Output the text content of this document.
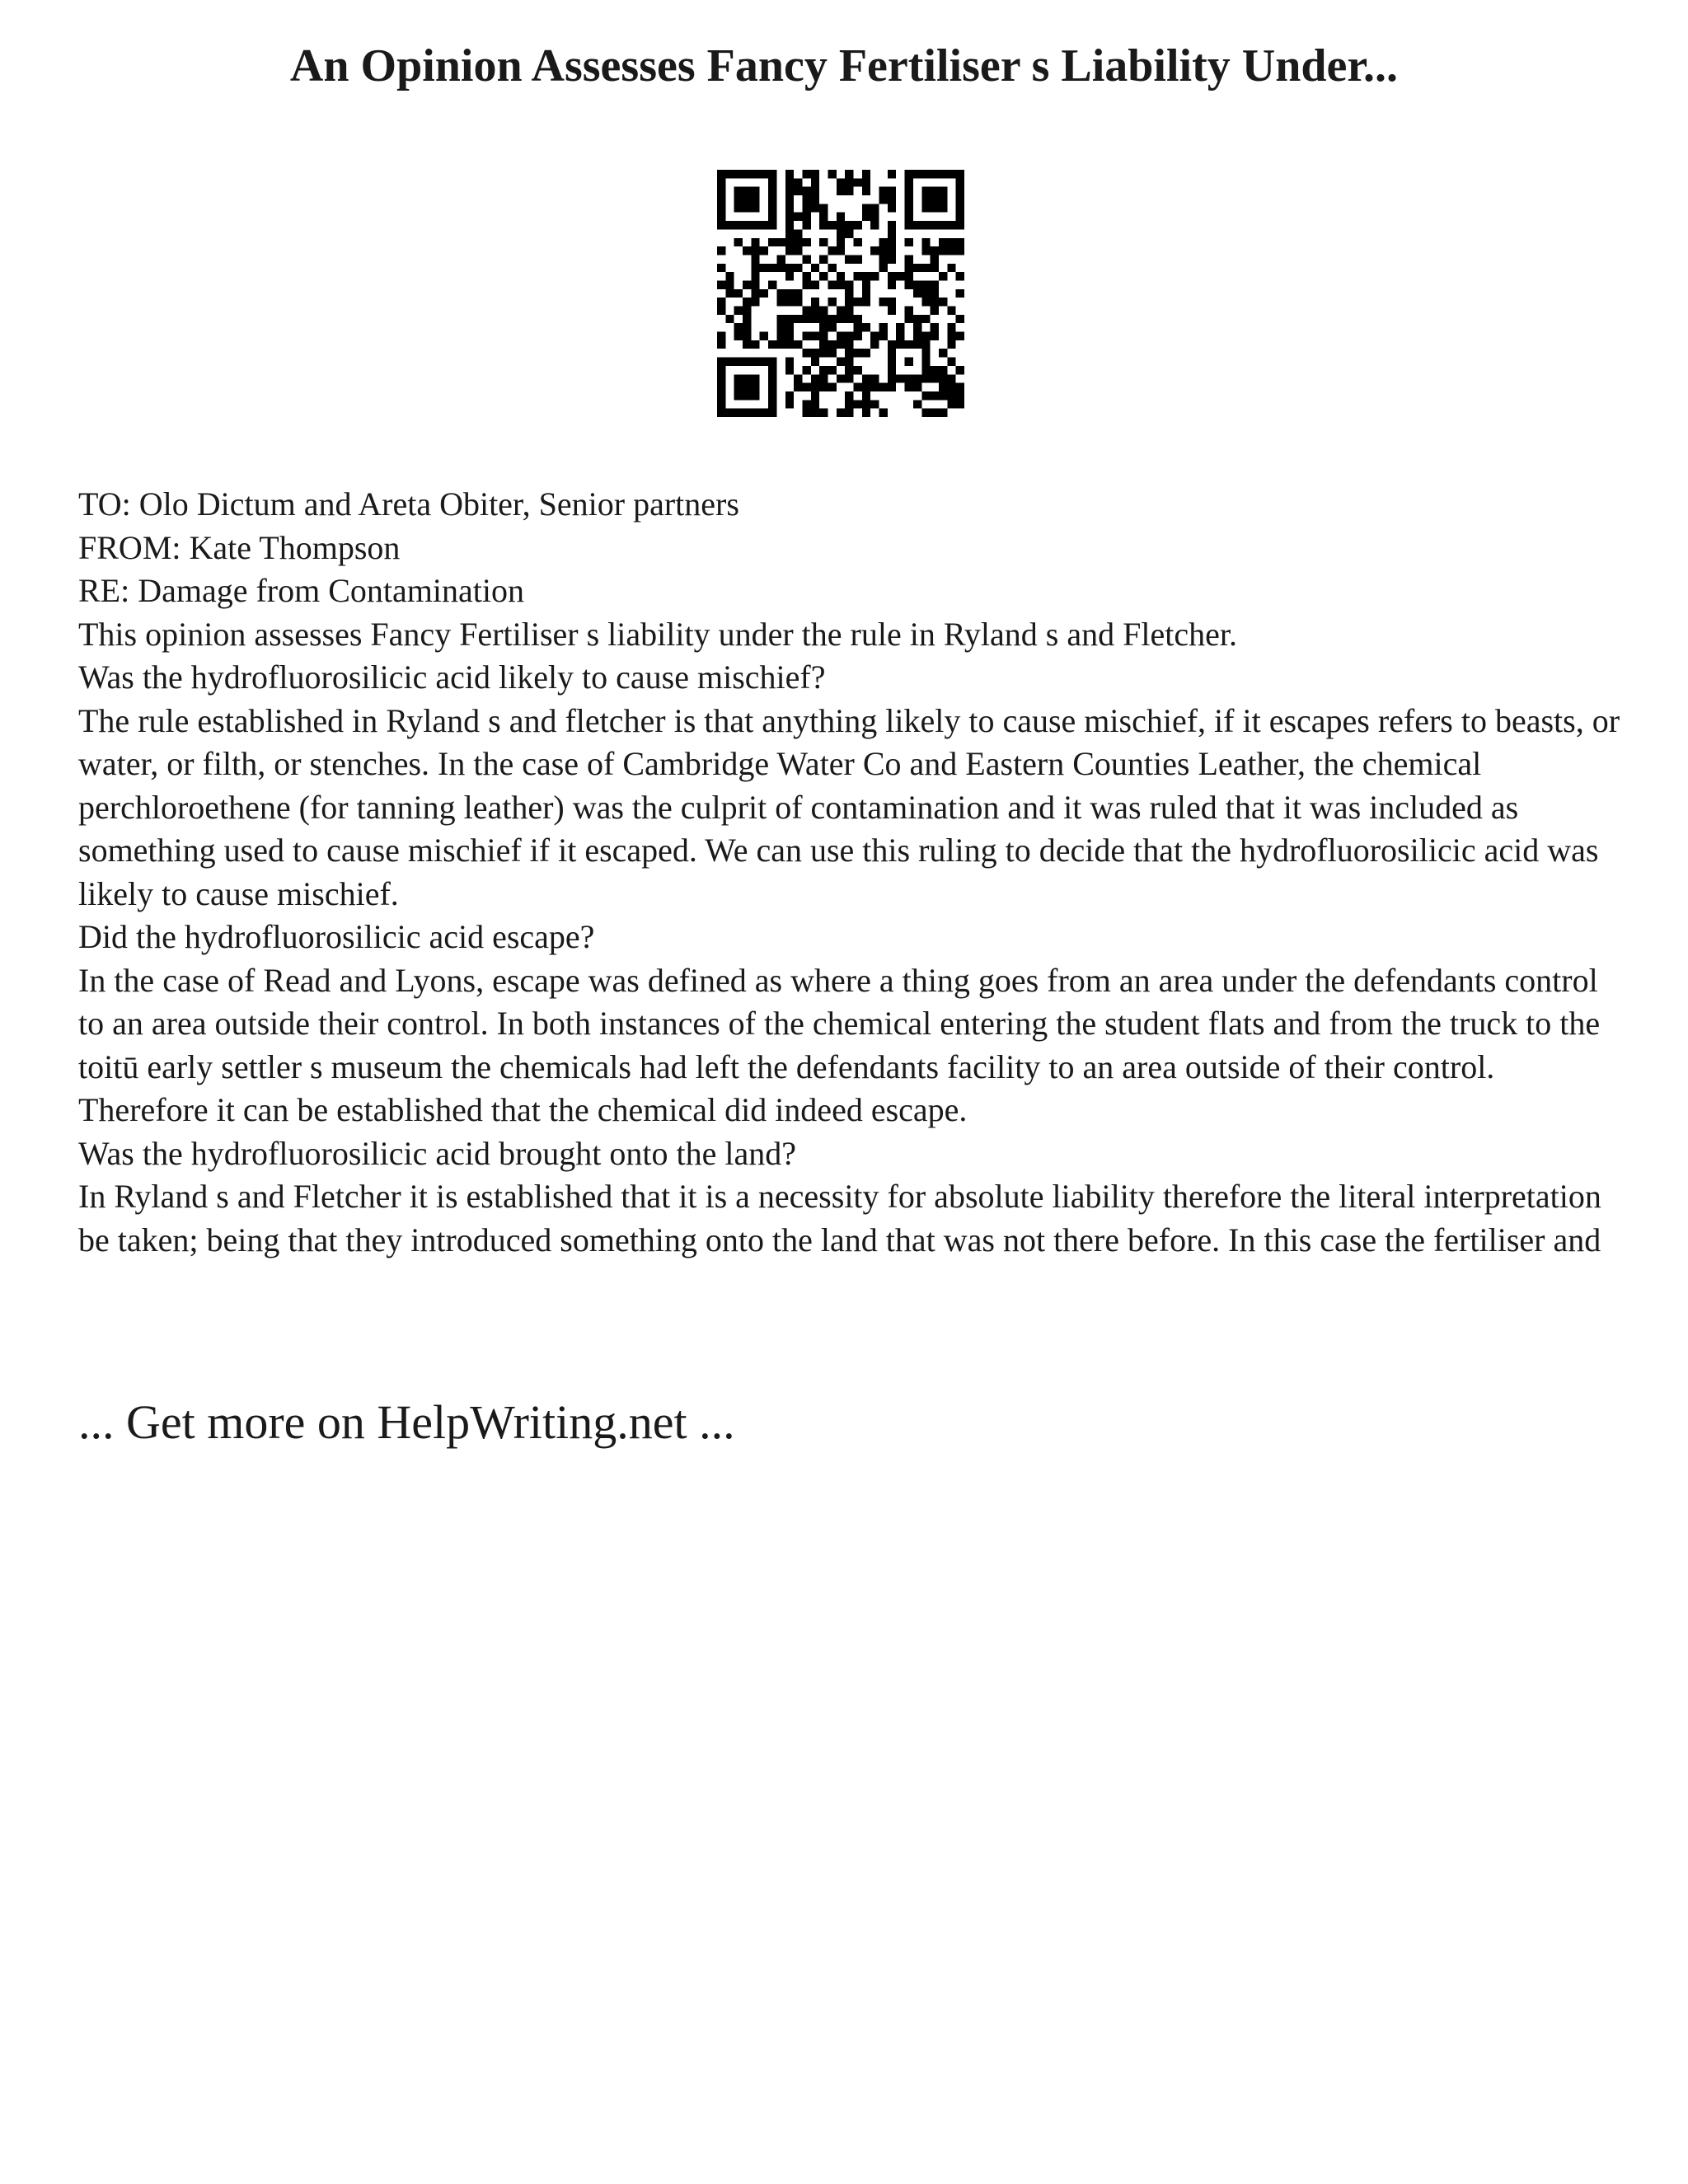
An Opinion Assesses Fancy Fertiliser s Liability Under...

TO: Olo Dictum and Areta Obiter, Senior partners

FROM: Kate Thompson

RE: Damage from Contamination

This opinion assesses Fancy Fertiliser s liability under the rule in Ryland s and Fletcher.

Was the hydrofluorosilicic acid likely to cause mischief?

The rule established in Ryland s and fletcher is that anything likely to cause mischief, if it escapes refers to beasts, or water, or filth, or stenches. In the case of Cambridge Water Co and Eastern Counties Leather, the chemical perchloroethene (for tanning leather) was the culprit of contamination and it was ruled that it was included as something used to cause mischief if it escaped. We can use this ruling to decide that the hydrofluorosilicic acid was likely to cause mischief.

Did the hydrofluorosilicic acid escape?

In the case of Read and Lyons, escape was defined as where a thing goes from an area under the defendants control to an area outside their control. In both instances of the chemical entering the student flats and from the truck to the toitū early settler s museum the chemicals had left the defendants facility to an area outside of their control. Therefore it can be established that the chemical did indeed escape.

Was the hydrofluorosilicic acid brought onto the land?

In Ryland s and Fletcher it is established that it is a necessity for absolute liability therefore the literal interpretation be taken; being that they introduced something onto the land that was not there before. In this case the fertiliser and

... Get more on HelpWriting.net ...
